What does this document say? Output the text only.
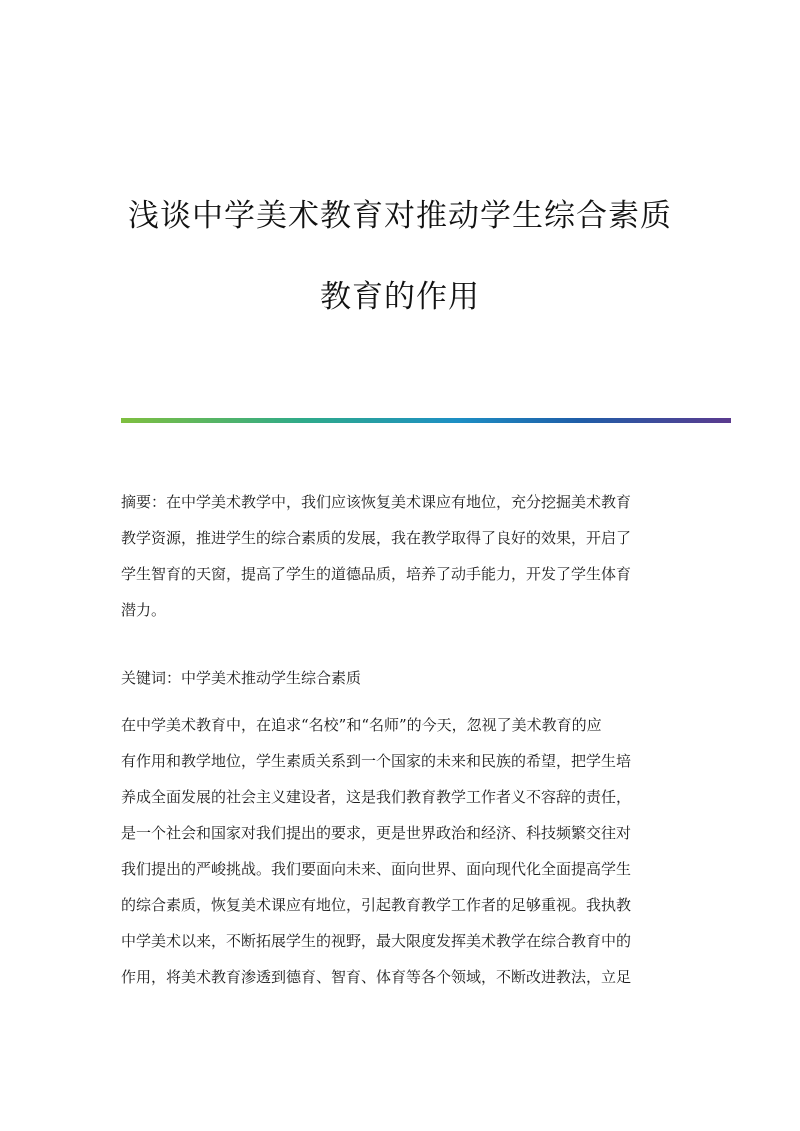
浅谈中学美术教育对推动学生综合素质
教育的作用
摘要：在中学美术教学中，我们应该恢复美术课应有地位，充分挖掘美术教育
教学资源，推进学生的综合素质的发展，我在教学取得了良好的效果，开启了
学生智育的天窗，提高了学生的道德品质，培养了动手能力，开发了学生体育
潜力。
关键词：中学美术推动学生综合素质
在中学美术教育中，在追求“名校”和“名师”的今天，忽视了美术教育的应
有作用和教学地位，学生素质关系到一个国家的未来和民族的希望，把学生培
养成全面发展的社会主义建设者，这是我们教育教学工作者义不容辞的责任，
是一个社会和国家对我们提出的要求，更是世界政治和经济、科技频繁交往对
我们提出的严峻挑战。我们要面向未来、面向世界、面向现代化全面提高学生
的综合素质，恢复美术课应有地位，引起教育教学工作者的足够重视。我执教
中学美术以来，不断拓展学生的视野，最大限度发挥美术教学在综合教育中的
作用，将美术教育渗透到德育、智育、体育等各个领域，不断改进教法，立足
